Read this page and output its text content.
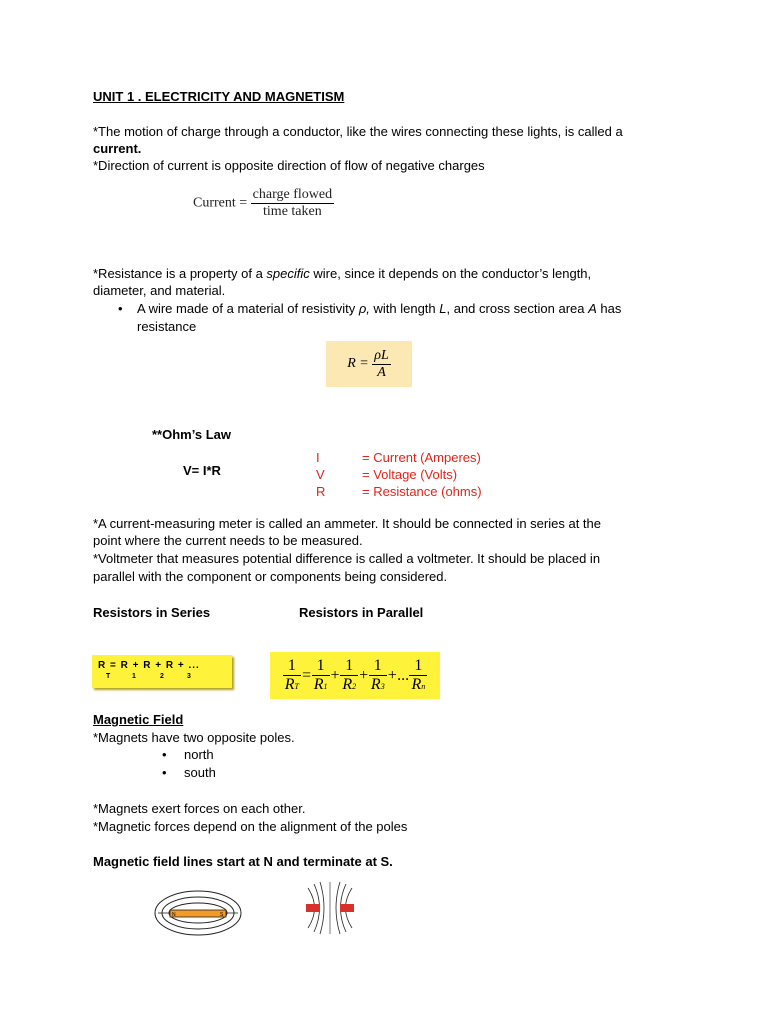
UNIT 1 . ELECTRICITY AND MAGNETISM
*The motion of charge through a conductor, like the wires connecting these lights, is called a
current.
*Direction of current is opposite direction of flow of negative charges
Current = $\frac{\text{charge flowed}}{\text{time taken}}$
*Resistance is a property of a specific wire, since it depends on the conductor’s length,
diameter, and material.
• A wire made of a material of resistivity ρ, with length L, and cross section area A has
resistance
R =
$\frac{\rho L}{A}$
**Ohm’s Law
V= I*R
I	= Current (Amperes)
V	= Voltage (Volts)
R	= Resistance (ohms)
*A current-measuring meter is called an ammeter. It should be connected in series at the
point where the current needs to be measured.
*Voltmeter that measures potential difference is called a voltmeter. It should be placed in
parallel with the component or components being considered.
Resistors in Series	Resistors in Parallel
R = R + R + R + ...
T	1	2	3	$\frac{1}{RT} = \frac{1}{R1} + \frac{1}{R2} + \frac{1}{R3}$ +... $\frac{1}{Rn}$
Magnetic Field
*Magnets have two opposite poles.
• north
• south
*Magnets exert forces on each other.
*Magnetic forces depend on the alignment of the poles
Magnetic field lines start at N and terminate at S.
N	S
